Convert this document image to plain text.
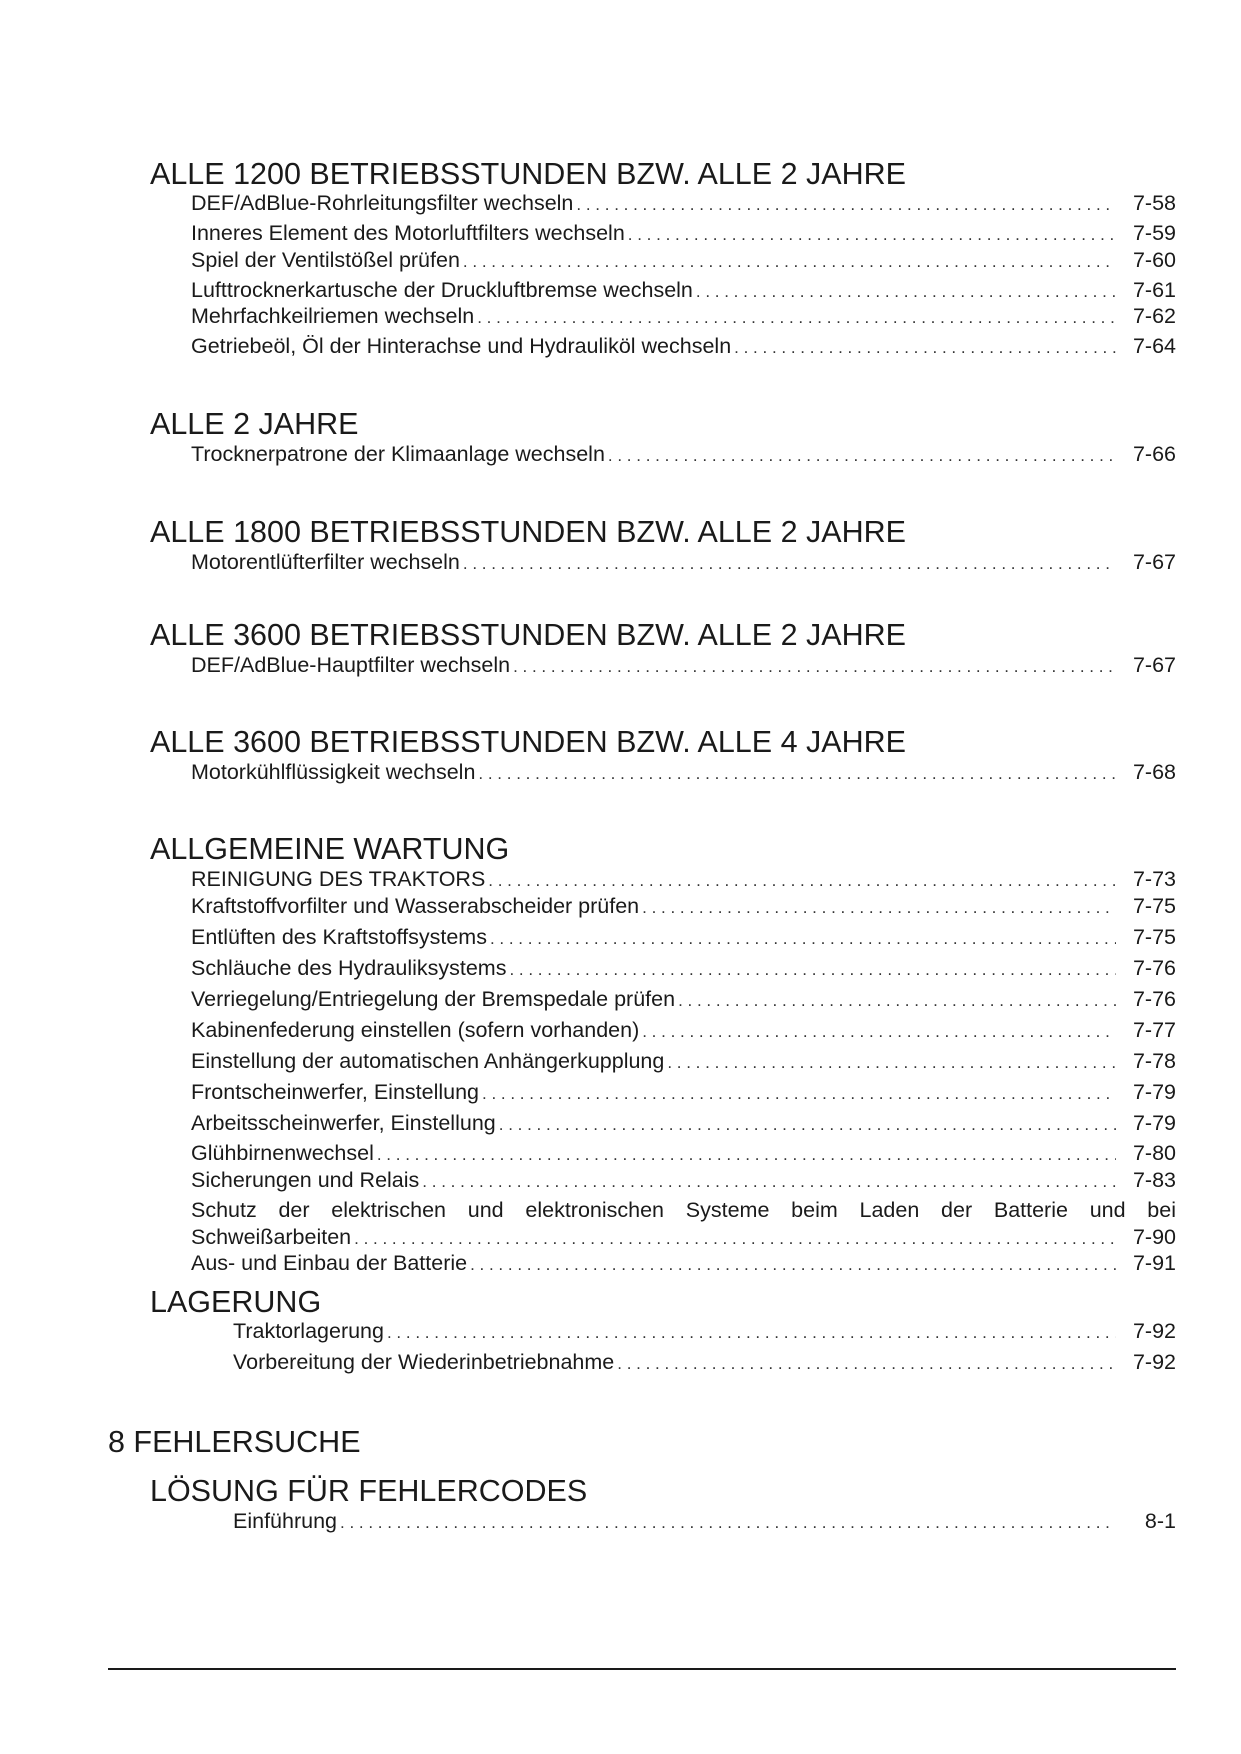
ALLE 1200 BETRIEBSSTUNDEN BZW. ALLE 2 JAHRE
DEF/AdBlue-Rohrleitungsfilter wechseln . . .	7-58
Inneres Element des Motorluftfilters wechseln . . .	7-59
Spiel der Ventilstößel prüfen . . .	7-60
Lufttrocknerkartusche der Druckluftbremse wechseln . . .	7-61
Mehrfachkeilriemen wechseln . . .	7-62
Getriebeöl, Öl der Hinterachse und Hydrauliköl wechseln . . .	7-64
ALLE 2 JAHRE
Trocknerpatrone der Klimaanlage wechseln . . .	7-66
ALLE 1800 BETRIEBSSTUNDEN BZW. ALLE 2 JAHRE
Motorentlüfterfilter wechseln . . .	7-67
ALLE 3600 BETRIEBSSTUNDEN BZW. ALLE 2 JAHRE
DEF/AdBlue-Hauptfilter wechseln . . .	7-67
ALLE 3600 BETRIEBSSTUNDEN BZW. ALLE 4 JAHRE
Motorkühlflüssigkeit wechseln . . .	7-68
ALLGEMEINE WARTUNG
REINIGUNG DES TRAKTORS . . .	7-73
Kraftstoffvorfilter und Wasserabscheider prüfen . . .	7-75
Entlüften des Kraftstoffsystems . . .	7-75
Schläuche des Hydrauliksystems . . .	7-76
Verriegelung/Entriegelung der Bremspedale prüfen . . .	7-76
Kabinenfederung einstellen (sofern vorhanden) . . .	7-77
Einstellung der automatischen Anhängerkupplung . . .	7-78
Frontscheinwerfer, Einstellung . . .	7-79
Arbeitsscheinwerfer, Einstellung . . .	7-79
Glühbirnenwechsel . . .	7-80
Sicherungen und Relais . . .	7-83
Schutz der elektrischen und elektronischen Systeme beim Laden der Batterie und bei
Schweißarbeiten . . .	7-90
Aus- und Einbau der Batterie . . .	7-91
LAGERUNG
Traktorlagerung . . .	7-92
Vorbereitung der Wiederinbetriebnahme . . .	7-92
8 FEHLERSUCHE
LÖSUNG FÜR FEHLERCODES
Einführung . . .	8-1
